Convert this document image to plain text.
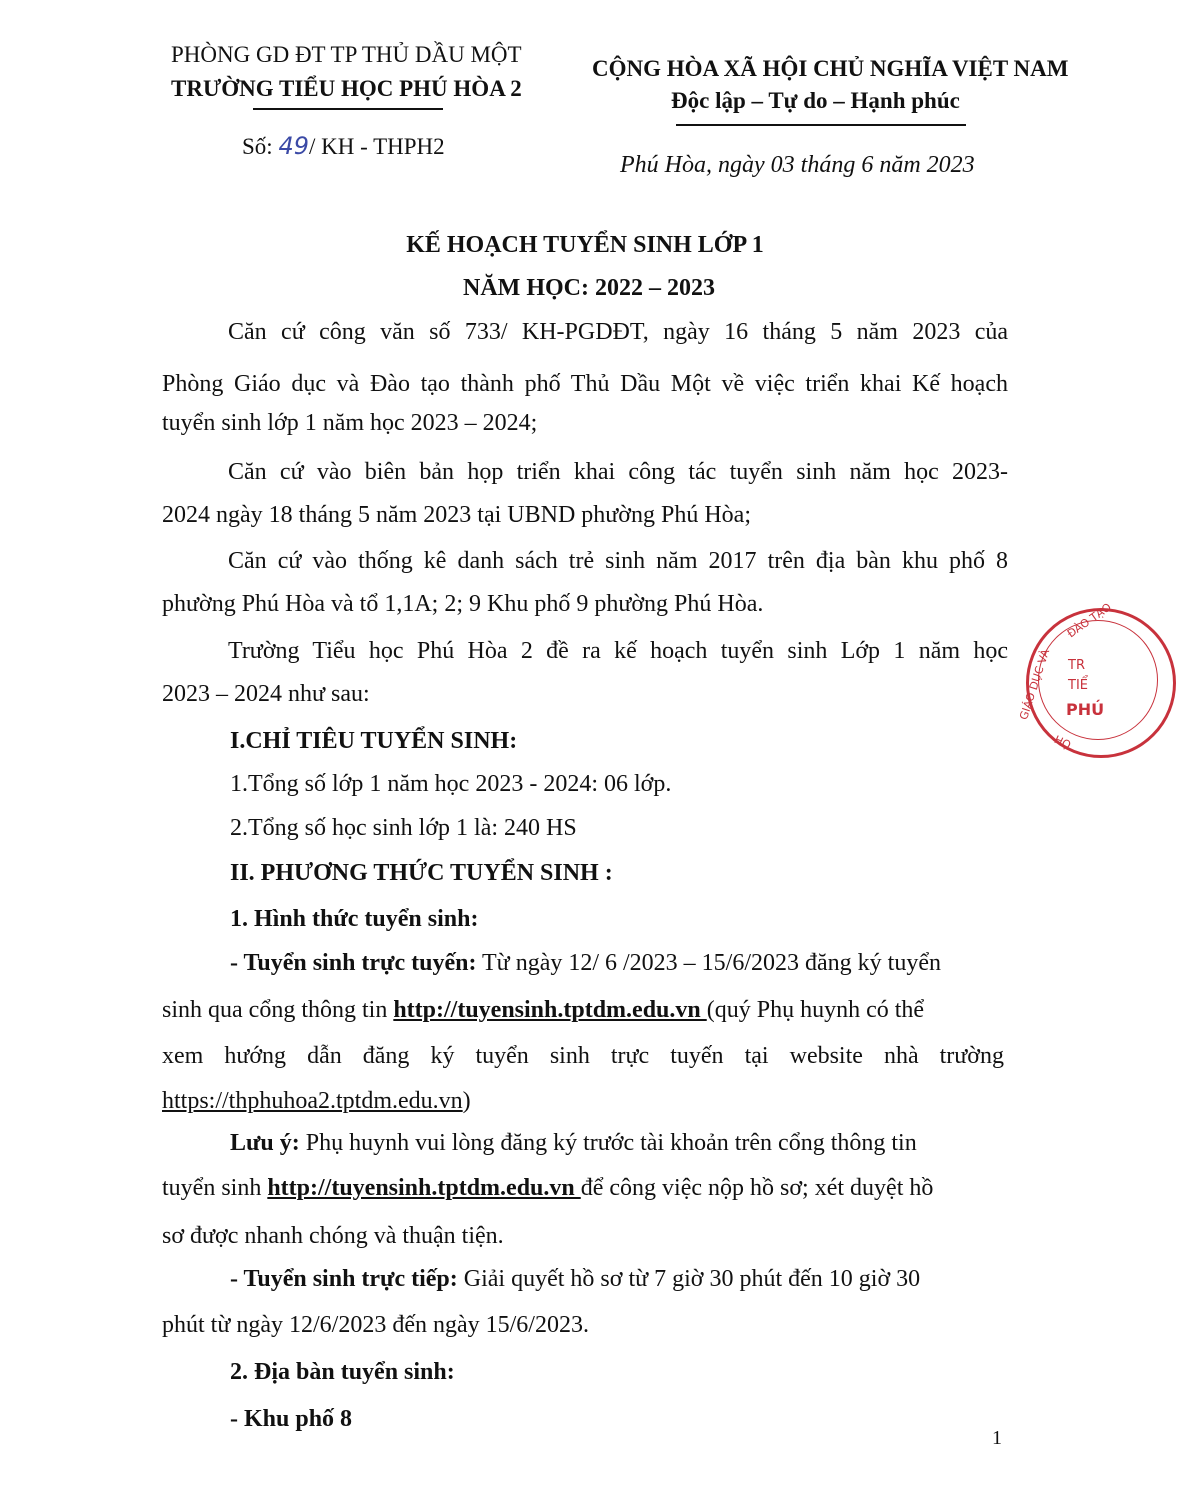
PHÒNG GD ĐT TP THỦ DẦU MỘT
TRƯỜNG TIỂU HỌC PHÚ HÒA 2
CỘNG HÒA XÃ HỘI CHỦ NGHĨA VIỆT NAM
Độc lập – Tự do – Hạnh phúc
Số: 49/ KH - THPH2
Phú Hòa, ngày 03 tháng 6 năm 2023
KẾ HOẠCH TUYỂN SINH LỚP 1
NĂM HỌC: 2022 – 2023
Căn cứ công văn số 733/ KH-PGDĐT, ngày 16 tháng 5 năm 2023 của
Phòng Giáo dục và Đào tạo thành phố Thủ Dầu Một về việc triển khai Kế hoạch
tuyển sinh lớp 1 năm học 2023 – 2024;
Căn cứ vào biên bản họp triển khai công tác tuyển sinh năm học 2023-
2024 ngày 18 tháng 5 năm 2023 tại UBND phường Phú Hòa;
Căn cứ vào thống kê danh sách trẻ sinh năm 2017 trên địa bàn khu phố 8
phường Phú Hòa và tổ 1,1A; 2; 9 Khu phố 9 phường Phú Hòa.
Trường Tiểu học Phú Hòa 2 đề ra kế hoạch tuyển sinh Lớp 1 năm học
2023 – 2024 như sau:
I.CHỈ TIÊU TUYỂN SINH:
1.Tổng số lớp 1 năm học 2023 - 2024: 06 lớp.
2.Tổng số học sinh lớp 1 là: 240 HS
II. PHƯƠNG THỨC TUYỂN SINH :
1. Hình thức tuyển sinh:
- Tuyển sinh trực tuyến: Từ ngày 12/ 6 /2023 – 15/6/2023 đăng ký tuyển
sinh qua cổng thông tin http://tuyensinh.tptdm.edu.vn (quý Phụ huynh có thể
xem hướng dẫn đăng ký tuyển sinh trực tuyến tại website nhà trường
https://thphuhoa2.tptdm.edu.vn)
Lưu ý: Phụ huynh vui lòng đăng ký trước tài khoản trên cổng thông tin
tuyển sinh http://tuyensinh.tptdm.edu.vn để công việc nộp hồ sơ; xét duyệt hồ
sơ được nhanh chóng và thuận tiện.
- Tuyển sinh trực tiếp: Giải quyết hồ sơ từ 7 giờ 30 phút đến 10 giờ 30
phút từ ngày 12/6/2023 đến ngày 15/6/2023.
2. Địa bàn tuyển sinh:
- Khu phố 8
1
ĐÀO TẠO
GIÁO DỤC VÀ TR
TIỂ
PHÚ
HỌ
